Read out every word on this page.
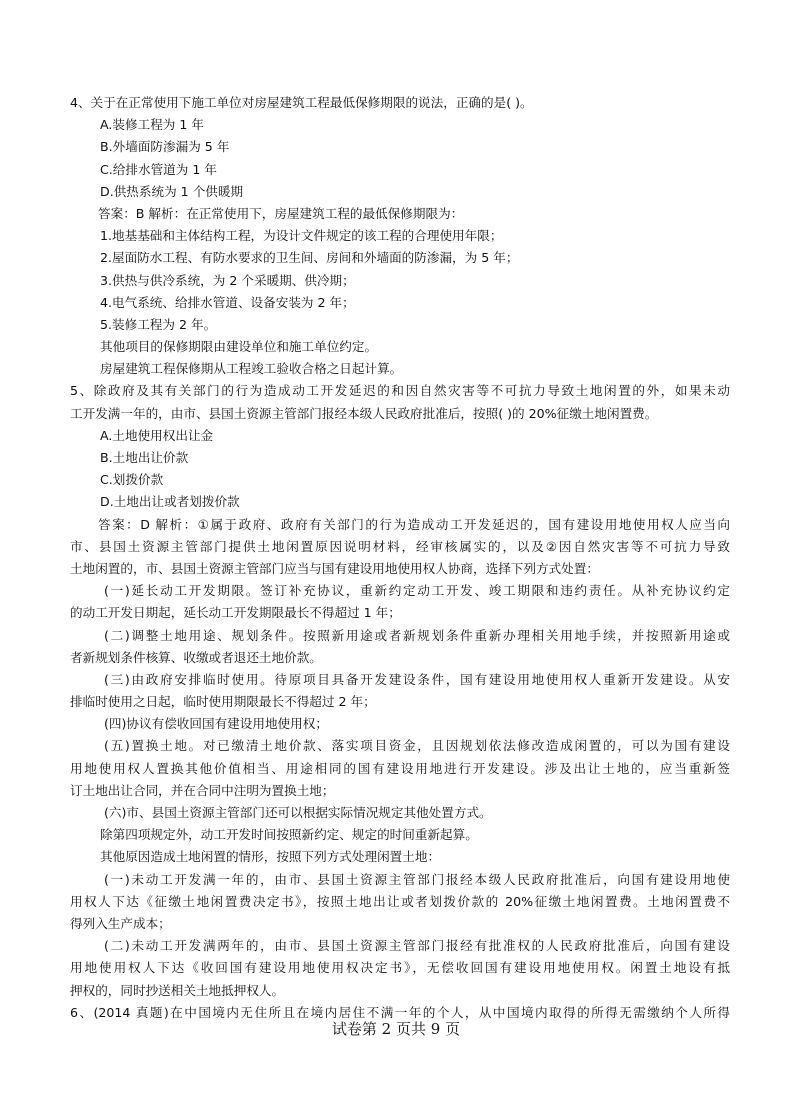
4、关于在正常使用下施工单位对房屋建筑工程最低保修期限的说法，正确的是( )。
A.装修工程为 1 年
B.外墙面防渗漏为 5 年
C.给排水管道为 1 年
D.供热系统为 1 个供暖期
答案：B 解析：在正常使用下，房屋建筑工程的最低保修期限为：
1.地基基础和主体结构工程，为设计文件规定的该工程的合理使用年限；
2.屋面防水工程、有防水要求的卫生间、房间和外墙面的防渗漏，为 5 年；
3.供热与供冷系统，为 2 个采暖期、供冷期；
4.电气系统、给排水管道、设备安装为 2 年；
5.装修工程为 2 年。
其他项目的保修期限由建设单位和施工单位约定。
房屋建筑工程保修期从工程竣工验收合格之日起计算。
5、除政府及其有关部门的行为造成动工开发延迟的和因自然灾害等不可抗力导致土地闲置的外，如果未动
工开发满一年的，由市、县国土资源主管部门报经本级人民政府批准后，按照( )的 20%征缴土地闲置费。
A.土地使用权出让金
B.土地出让价款
C.划拨价款
D.土地出让或者划拨价款
答案：D 解析：①属于政府、政府有关部门的行为造成动工开发延迟的，国有建设用地使用权人应当向
市、县国土资源主管部门提供土地闲置原因说明材料，经审核属实的，以及②因自然灾害等不可抗力导致
土地闲置的，市、县国土资源主管部门应当与国有建设用地使用权人协商，选择下列方式处置：
(一)延长动工开发期限。签订补充协议，重新约定动工开发、竣工期限和违约责任。从补充协议约定
的动工开发日期起，延长动工开发期限最长不得超过 1 年；
(二)调整土地用途、规划条件。按照新用途或者新规划条件重新办理相关用地手续，并按照新用途或
者新规划条件核算、收缴或者退还土地价款。
(三)由政府安排临时使用。待原项目具备开发建设条件，国有建设用地使用权人重新开发建设。从安
排临时使用之日起，临时使用期限最长不得超过 2 年；
(四)协议有偿收回国有建设用地使用权；
(五)置换土地。对已缴清土地价款、落实项目资金，且因规划依法修改造成闲置的，可以为国有建设
用地使用权人置换其他价值相当、用途相同的国有建设用地进行开发建设。涉及出让土地的，应当重新签
订土地出让合同，并在合同中注明为置换土地；
(六)市、县国土资源主管部门还可以根据实际情况规定其他处置方式。
除第四项规定外，动工开发时间按照新约定、规定的时间重新起算。
其他原因造成土地闲置的情形，按照下列方式处理闲置土地：
(一)未动工开发满一年的，由市、县国土资源主管部门报经本级人民政府批准后，向国有建设用地使
用权人下达《征缴土地闲置费决定书》，按照土地出让或者划拨价款的 20%征缴土地闲置费。土地闲置费不
得列入生产成本；
(二)未动工开发满两年的，由市、县国土资源主管部门报经有批准权的人民政府批准后，向国有建设
用地使用权人下达《收回国有建设用地使用权决定书》，无偿收回国有建设用地使用权。闲置土地设有抵
押权的，同时抄送相关土地抵押权人。
6、(2014 真题)在中国境内无住所且在境内居住不满一年的个人，从中国境内取得的所得无需缴纳个人所得
试卷第 2 页共 9 页
